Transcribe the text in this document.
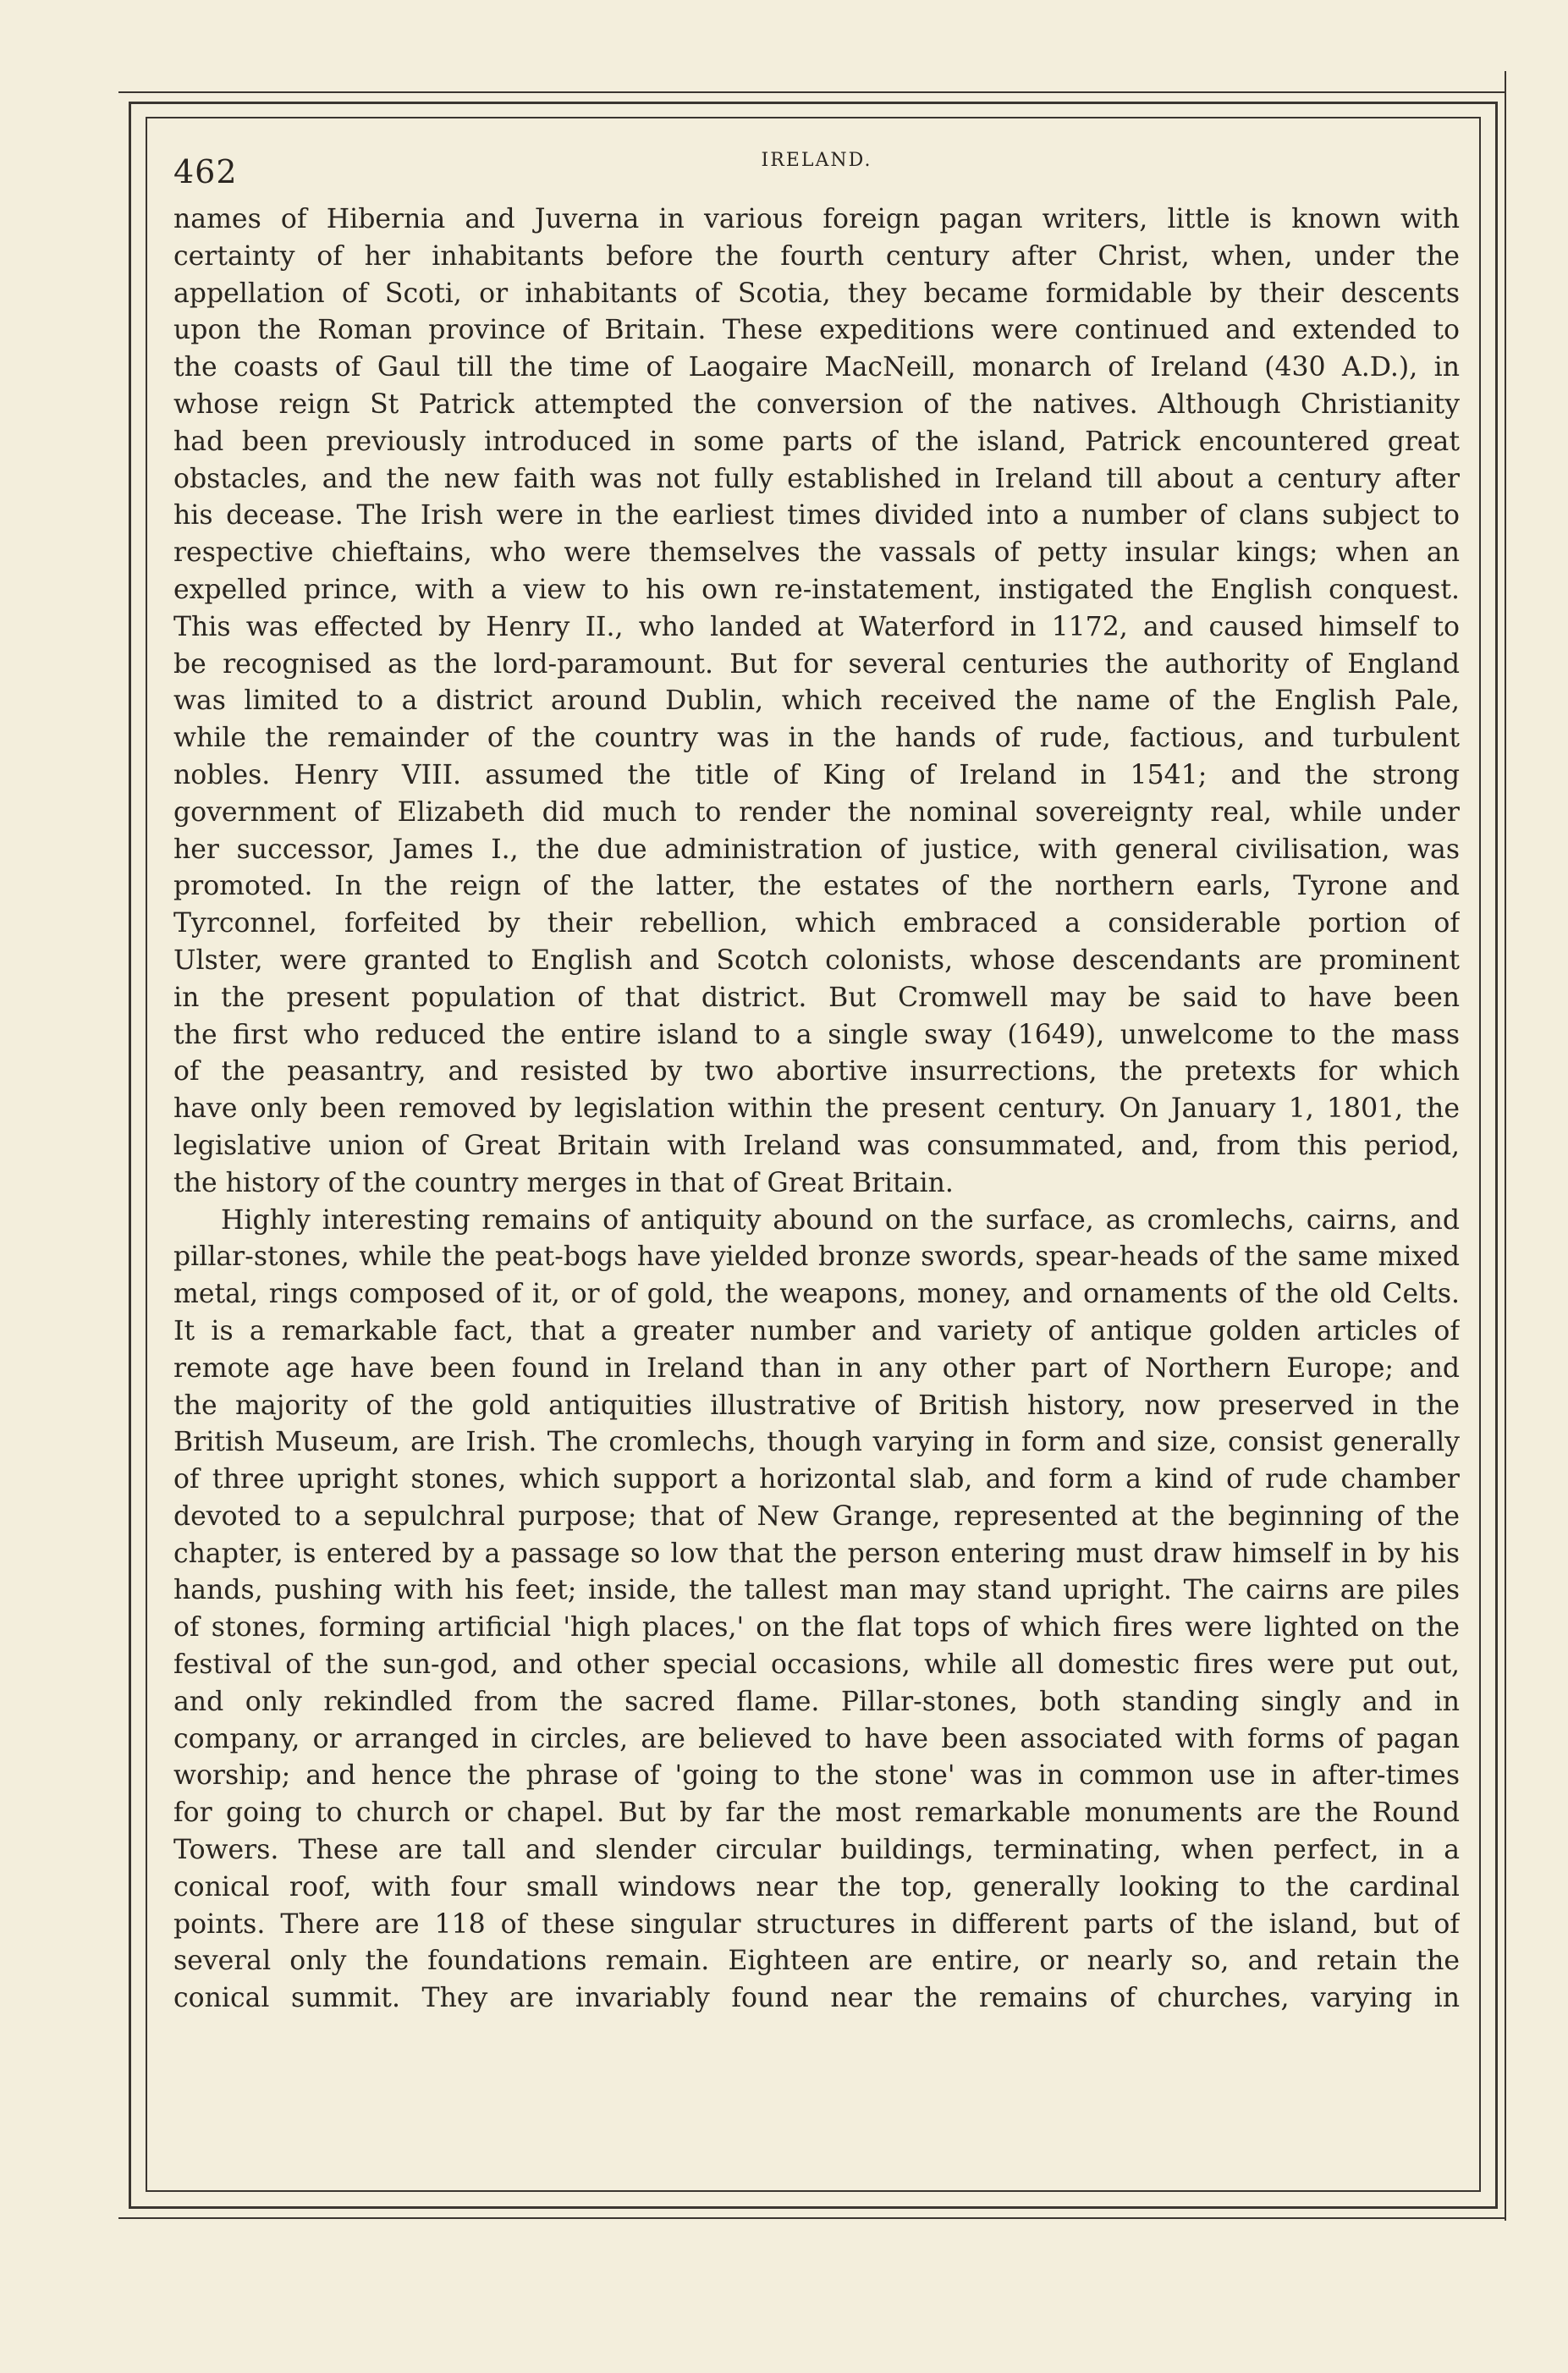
462	IRELAND.
names of Hibernia and Juverna in various foreign pagan writers, little is known with
certainty of her inhabitants before the fourth century after Christ, when, under the
appellation of Scoti, or inhabitants of Scotia, they became formidable by their descents
upon the Roman province of Britain. These expeditions were continued and extended to
the coasts of Gaul till the time of Laogaire MacNeill, monarch of Ireland (430 A.D.), in
whose reign St Patrick attempted the conversion of the natives. Although Christianity
had been previously introduced in some parts of the island, Patrick encountered great
obstacles, and the new faith was not fully established in Ireland till about a century after
his decease. The Irish were in the earliest times divided into a number of clans subject to
respective chieftains, who were themselves the vassals of petty insular kings; when an
expelled prince, with a view to his own re-instatement, instigated the English conquest.
This was effected by Henry II., who landed at Waterford in 1172, and caused himself to
be recognised as the lord-paramount. But for several centuries the authority of England
was limited to a district around Dublin, which received the name of the English Pale,
while the remainder of the country was in the hands of rude, factious, and turbulent
nobles. Henry VIII. assumed the title of King of Ireland in 1541; and the strong
government of Elizabeth did much to render the nominal sovereignty real, while under
her successor, James I., the due administration of justice, with general civilisation, was
promoted. In the reign of the latter, the estates of the northern earls, Tyrone and
Tyrconnel, forfeited by their rebellion, which embraced a considerable portion of
Ulster, were granted to English and Scotch colonists, whose descendants are prominent
in the present population of that district. But Cromwell may be said to have been
the first who reduced the entire island to a single sway (1649), unwelcome to the mass
of the peasantry, and resisted by two abortive insurrections, the pretexts for which
have only been removed by legislation within the present century. On January 1, 1801, the
legislative union of Great Britain with Ireland was consummated, and, from this period,
the history of the country merges in that of Great Britain.
Highly interesting remains of antiquity abound on the surface, as cromlechs, cairns, and
pillar-stones, while the peat-bogs have yielded bronze swords, spear-heads of the same mixed
metal, rings composed of it, or of gold, the weapons, money, and ornaments of the old Celts.
It is a remarkable fact, that a greater number and variety of antique golden articles of
remote age have been found in Ireland than in any other part of Northern Europe; and
the majority of the gold antiquities illustrative of British history, now preserved in the
British Museum, are Irish. The cromlechs, though varying in form and size, consist generally
of three upright stones, which support a horizontal slab, and form a kind of rude chamber
devoted to a sepulchral purpose; that of New Grange, represented at the beginning of the
chapter, is entered by a passage so low that the person entering must draw himself in by his
hands, pushing with his feet; inside, the tallest man may stand upright. The cairns are piles
of stones, forming artificial 'high places,' on the flat tops of which fires were lighted on the
festival of the sun-god, and other special occasions, while all domestic fires were put out,
and only rekindled from the sacred flame. Pillar-stones, both standing singly and in
company, or arranged in circles, are believed to have been associated with forms of pagan
worship; and hence the phrase of 'going to the stone' was in common use in after-times
for going to church or chapel. But by far the most remarkable monuments are the Round
Towers. These are tall and slender circular buildings, terminating, when perfect, in a
conical roof, with four small windows near the top, generally looking to the cardinal
points. There are 118 of these singular structures in different parts of the island, but of
several only the foundations remain. Eighteen are entire, or nearly so, and retain the
conical summit. They are invariably found near the remains of churches, varying in
